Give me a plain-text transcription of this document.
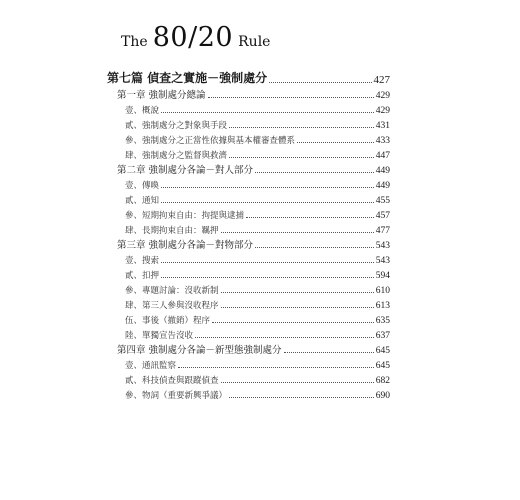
The 80/20 Rule
第七篇 偵查之實施－強制處分	427
第一章 強制處分總論	429
壹、概說	429
貳、強制處分之對象與手段	431
參、強制處分之正當性依據與基本權審查體系	433
肆、強制處分之監督與救濟	447
第二章 強制處分各論－對人部分	449
壹、傳喚	449
貳、通知	455
參、短期拘束自由：拘提與逮捕	457
肆、長期拘束自由：羈押	477
第三章 強制處分各論－對物部分	543
壹、搜索	543
貳、扣押	594
參、專題討論：沒收新制	610
肆、第三人參與沒收程序	613
伍、事後（撤銷）程序	635
陸、單獨宣告沒收	637
第四章 強制處分各論－新型態強制處分	645
壹、通訊監察	645
貳、科技偵查與跟蹤偵查	682
參、物詞（重要新興爭議）	690
